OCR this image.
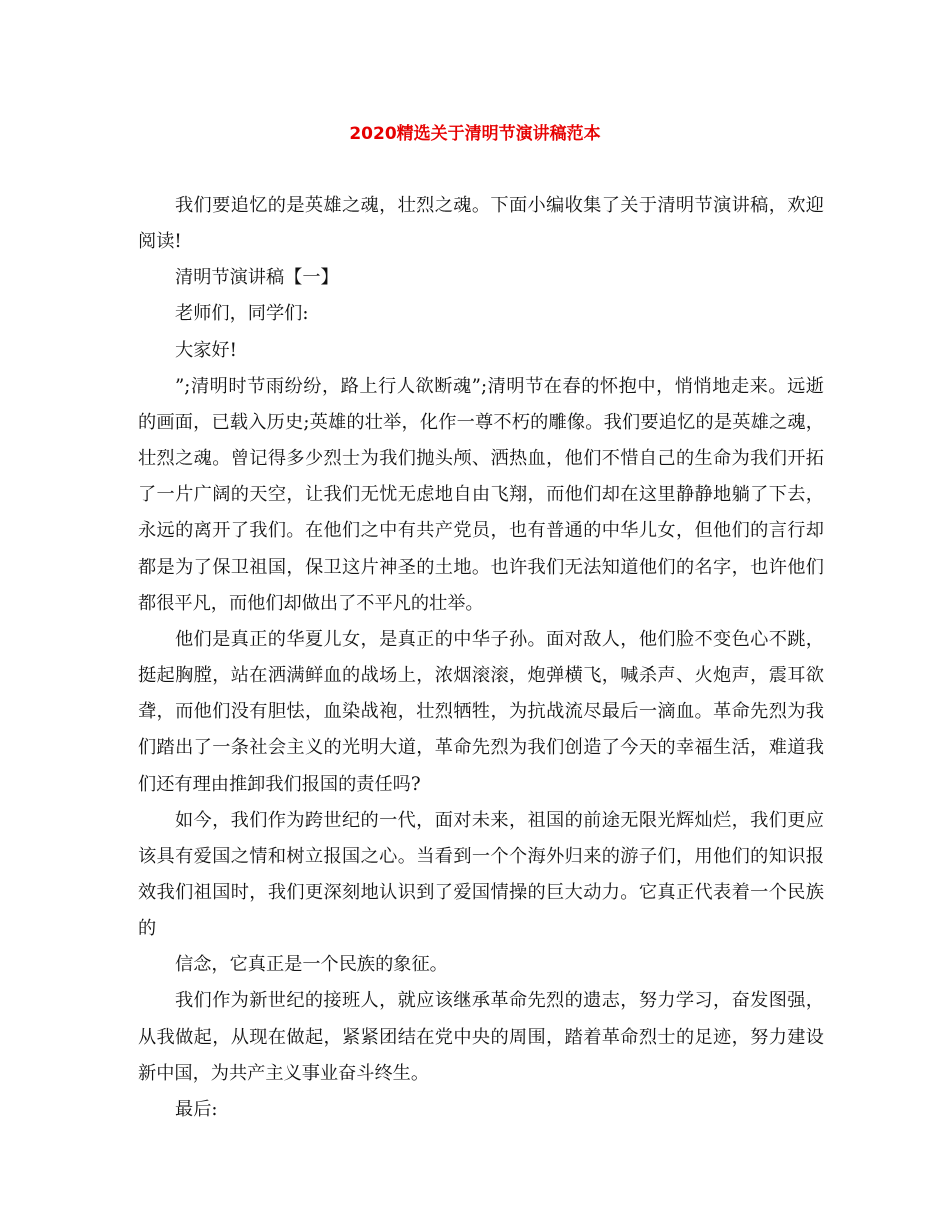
2020精选关于清明节演讲稿范本

我们要追忆的是英雄之魂，壮烈之魂。下面小编收集了关于清明节演讲稿，欢迎阅读!

清明节演讲稿【一】

老师们，同学们:

大家好!

”;清明时节雨纷纷，路上行人欲断魂”;清明节在春的怀抱中，悄悄地走来。远逝的画面，已载入历史;英雄的壮举，化作一尊不朽的雕像。我们要追忆的是英雄之魂，壮烈之魂。曾记得多少烈士为我们抛头颅、洒热血，他们不惜自己的生命为我们开拓了一片广阔的天空，让我们无忧无虑地自由飞翔，而他们却在这里静静地躺了下去，永远的离开了我们。在他们之中有共产党员，也有普通的中华儿女，但他们的言行却都是为了保卫祖国，保卫这片神圣的土地。也许我们无法知道他们的名字，也许他们都很平凡，而他们却做出了不平凡的壮举。

他们是真正的华夏儿女，是真正的中华子孙。面对敌人，他们脸不变色心不跳，挺起胸膛，站在洒满鲜血的战场上，浓烟滚滚，炮弹横飞，喊杀声、火炮声，震耳欲聋，而他们没有胆怯，血染战袍，壮烈牺牲，为抗战流尽最后一滴血。革命先烈为我们踏出了一条社会主义的光明大道，革命先烈为我们创造了今天的幸福生活，难道我们还有理由推卸我们报国的责任吗?

如今，我们作为跨世纪的一代，面对未来，祖国的前途无限光辉灿烂，我们更应该具有爱国之情和树立报国之心。当看到一个个海外归来的游子们，用他们的知识报效我们祖国时，我们更深刻地认识到了爱国情操的巨大动力。它真正代表着一个民族的

信念，它真正是一个民族的象征。

我们作为新世纪的接班人，就应该继承革命先烈的遗志，努力学习，奋发图强，从我做起，从现在做起，紧紧团结在党中央的周围，踏着革命烈士的足迹，努力建设新中国，为共产主义事业奋斗终生。

最后:
